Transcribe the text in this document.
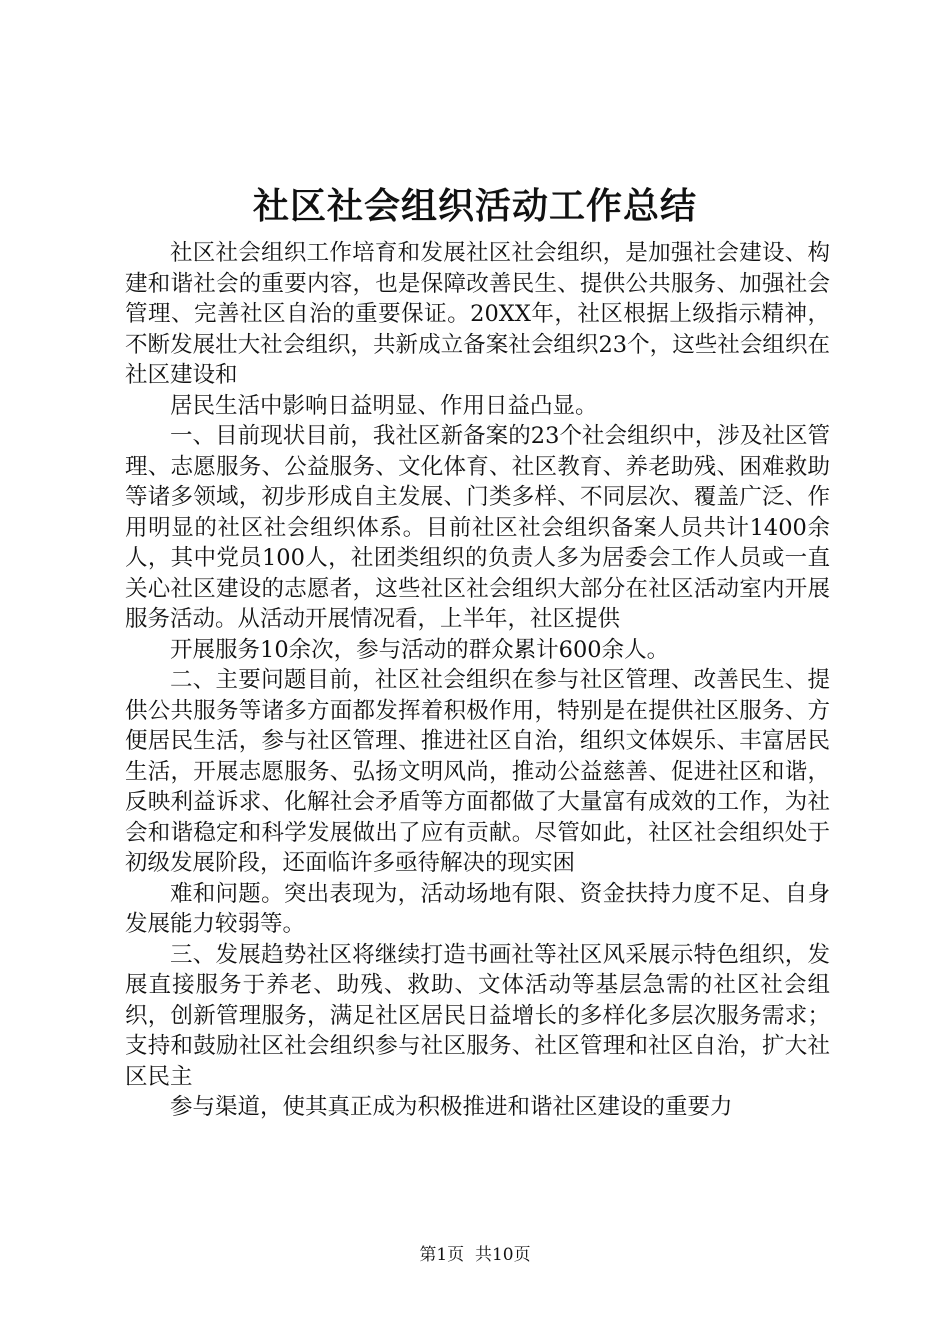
社区社会组织活动工作总结

社区社会组织工作培育和发展社区社会组织，是加强社会建设、构建和谐社会的重要内容，也是保障改善民生、提供公共服务、加强社会管理、完善社区自治的重要保证。20XX年，社区根据上级指示精神，不断发展壮大社会组织，共新成立备案社会组织23个，这些社会组织在社区建设和

居民生活中影响日益明显、作用日益凸显。

一、目前现状目前，我社区新备案的23个社会组织中，涉及社区管理、志愿服务、公益服务、文化体育、社区教育、养老助残、困难救助等诸多领域，初步形成自主发展、门类多样、不同层次、覆盖广泛、作用明显的社区社会组织体系。目前社区社会组织备案人员共计1400余人，其中党员100人，社团类组织的负责人多为居委会工作人员或一直关心社区建设的志愿者，这些社区社会组织大部分在社区活动室内开展服务活动。从活动开展情况看，上半年，社区提供

开展服务10余次，参与活动的群众累计600余人。

二、主要问题目前，社区社会组织在参与社区管理、改善民生、提供公共服务等诸多方面都发挥着积极作用，特别是在提供社区服务、方便居民生活，参与社区管理、推进社区自治，组织文体娱乐、丰富居民生活，开展志愿服务、弘扬文明风尚，推动公益慈善、促进社区和谐，反映利益诉求、化解社会矛盾等方面都做了大量富有成效的工作，为社会和谐稳定和科学发展做出了应有贡献。尽管如此，社区社会组织处于初级发展阶段，还面临许多亟待解决的现实困

难和问题。突出表现为，活动场地有限、资金扶持力度不足、自身发展能力较弱等。

三、发展趋势社区将继续打造书画社等社区风采展示特色组织，发展直接服务于养老、助残、救助、文体活动等基层急需的社区社会组织，创新管理服务，满足社区居民日益增长的多样化多层次服务需求；支持和鼓励社区社会组织参与社区服务、社区管理和社区自治，扩大社区民主

参与渠道，使其真正成为积极推进和谐社区建设的重要力

第1页  共10页
